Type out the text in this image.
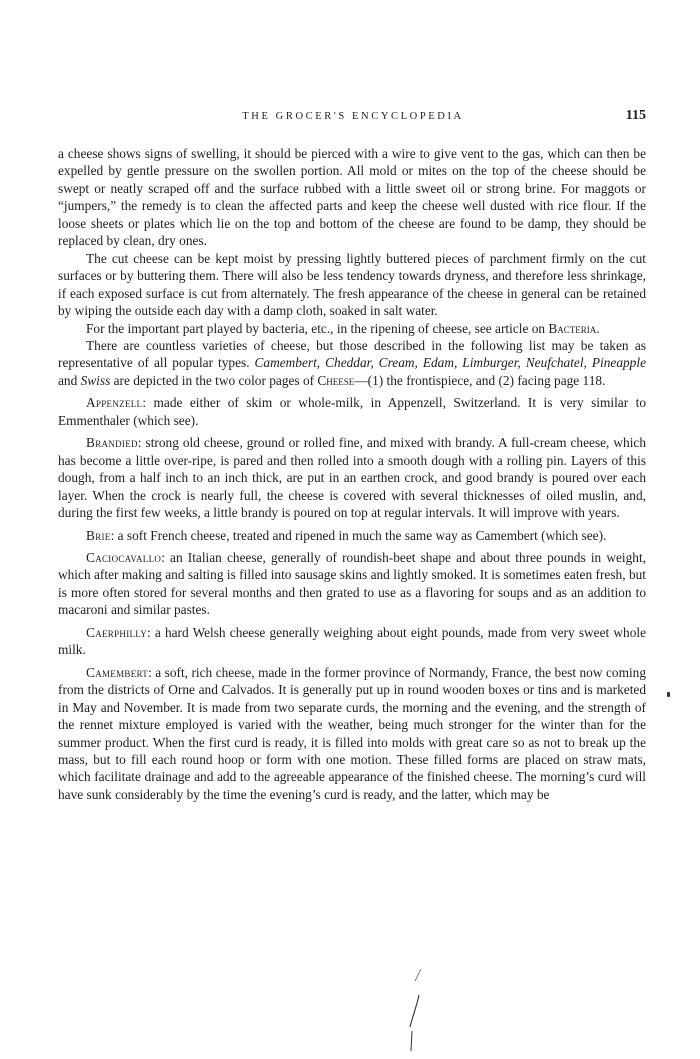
THE GROCER'S ENCYCLOPEDIA	115

a cheese shows signs of swelling, it should be pierced with a wire to give vent to the gas, which can then be expelled by gentle pressure on the swollen portion. All mold or mites on the top of the cheese should be swept or neatly scraped off and the surface rubbed with a little sweet oil or strong brine. For maggots or “jumpers,” the remedy is to clean the affected parts and keep the cheese well dusted with rice flour. If the loose sheets or plates which lie on the top and bottom of the cheese are found to be damp, they should be replaced by clean, dry ones.

The cut cheese can be kept moist by pressing lightly buttered pieces of parchment firmly on the cut surfaces or by buttering them. There will also be less tendency towards dryness, and therefore less shrinkage, if each exposed surface is cut from alternately. The fresh appearance of the cheese in general can be retained by wiping the outside each day with a damp cloth, soaked in salt water.

For the important part played by bacteria, etc., in the ripening of cheese, see article on Bacteria.

There are countless varieties of cheese, but those described in the following list may be taken as representative of all popular types. Camembert, Cheddar, Cream, Edam, Limburger, Neufchatel, Pineapple and Swiss are depicted in the two color pages of Cheese—(1) the frontispiece, and (2) facing page 118.

Appenzell: made either of skim or whole-milk, in Appenzell, Switzerland. It is very similar to Emmenthaler (which see).

Brandied: strong old cheese, ground or rolled fine, and mixed with brandy. A full-cream cheese, which has become a little over-ripe, is pared and then rolled into a smooth dough with a rolling pin. Layers of this dough, from a half inch to an inch thick, are put in an earthen crock, and good brandy is poured over each layer. When the crock is nearly full, the cheese is covered with several thicknesses of oiled muslin, and, during the first few weeks, a little brandy is poured on top at regular intervals. It will improve with years.

Brie: a soft French cheese, treated and ripened in much the same way as Camembert (which see).

Caciocavallo: an Italian cheese, generally of roundish-beet shape and about three pounds in weight, which after making and salting is filled into sausage skins and lightly smoked. It is sometimes eaten fresh, but is more often stored for several months and then grated to use as a flavoring for soups and as an addition to macaroni and similar pastes.

Caerphilly: a hard Welsh cheese generally weighing about eight pounds, made from very sweet whole milk.

Camembert: a soft, rich cheese, made in the former province of Normandy, France, the best now coming from the districts of Orne and Calvados. It is generally put up in round wooden boxes or tins and is marketed in May and November. It is made from two separate curds, the morning and the evening, and the strength of the rennet mixture employed is varied with the weather, being much stronger for the winter than for the summer product. When the first curd is ready, it is filled into molds with great care so as not to break up the mass, but to fill each round hoop or form with one motion. These filled forms are placed on straw mats, which facilitate drainage and add to the agreeable appearance of the finished cheese. The morning’s curd will have sunk considerably by the time the evening’s curd is ready, and the latter, which may be
